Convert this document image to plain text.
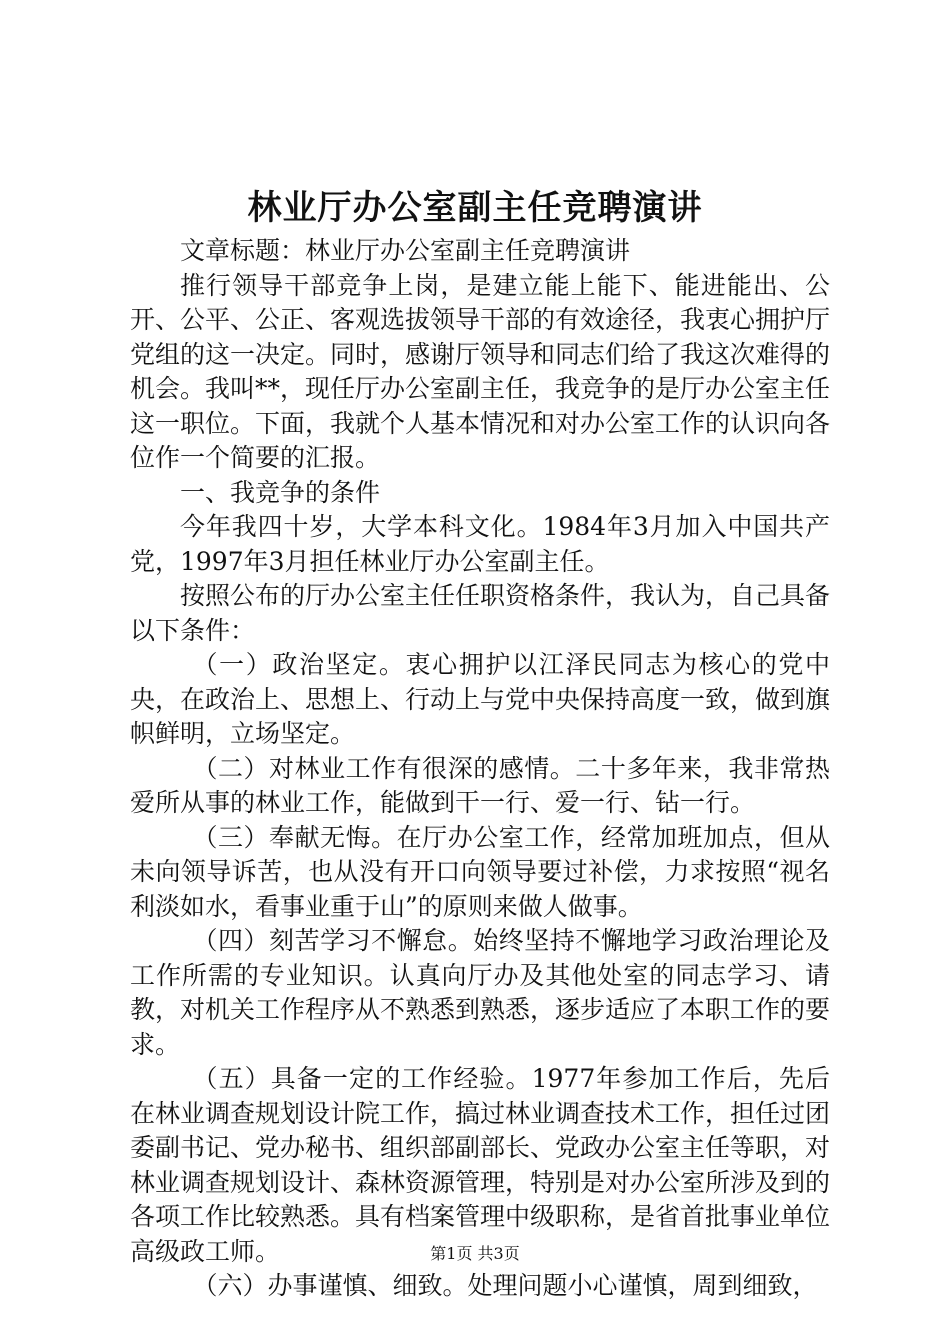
林业厅办公室副主任竞聘演讲

文章标题：林业厅办公室副主任竞聘演讲

推行领导干部竞争上岗，是建立能上能下、能进能出、公开、公平、公正、客观选拔领导干部的有效途径，我衷心拥护厅党组的这一决定。同时，感谢厅领导和同志们给了我这次难得的机会。我叫**，现任厅办公室副主任，我竞争的是厅办公室主任这一职位。下面，我就个人基本情况和对办公室工作的认识向各位作一个简要的汇报。

一、我竞争的条件

今年我四十岁，大学本科文化。1984年3月加入中国共产党，1997年3月担任林业厅办公室副主任。

按照公布的厅办公室主任任职资格条件，我认为，自己具备以下条件：

（一）政治坚定。衷心拥护以江泽民同志为核心的党中央，在政治上、思想上、行动上与党中央保持高度一致，做到旗帜鲜明，立场坚定。

（二）对林业工作有很深的感情。二十多年来，我非常热爱所从事的林业工作，能做到干一行、爱一行、钻一行。

（三）奉献无悔。在厅办公室工作，经常加班加点，但从未向领导诉苦，也从没有开口向领导要过补偿，力求按照“视名利淡如水，看事业重于山”的原则来做人做事。

（四）刻苦学习不懈怠。始终坚持不懈地学习政治理论及工作所需的专业知识。认真向厅办及其他处室的同志学习、请教，对机关工作程序从不熟悉到熟悉，逐步适应了本职工作的要求。

（五）具备一定的工作经验。1977年参加工作后，先后在林业调查规划设计院工作，搞过林业调查技术工作，担任过团委副书记、党办秘书、组织部副部长、党政办公室主任等职，对林业调查规划设计、森林资源管理，特别是对办公室所涉及到的各项工作比较熟悉。具有档案管理中级职称，是省首批事业单位高级政工师。

（六）办事谨慎、细致。处理问题小心谨慎，周到细致，

第1页 共3页
